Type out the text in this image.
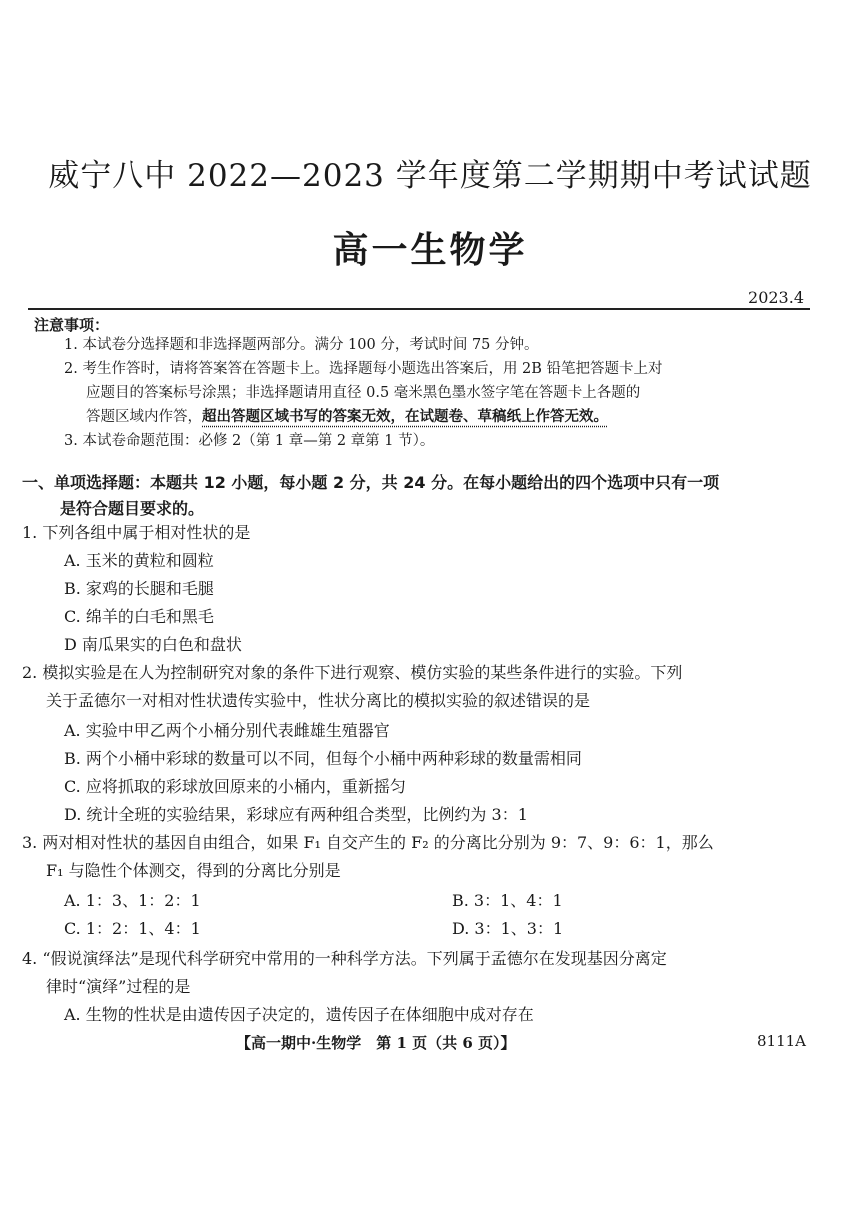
威宁八中 2022—2023 学年度第二学期期中考试试题
高一生物学
2023.4
注意事项：
1. 本试卷分选择题和非选择题两部分。满分 100 分，考试时间 75 分钟。
2. 考生作答时，请将答案答在答题卡上。选择题每小题选出答案后，用 2B 铅笔把答题卡上对
应题目的答案标号涂黑；非选择题请用直径 0.5 毫米黑色墨水签字笔在答题卡上各题的
答题区域内作答，超出答题区域书写的答案无效，在试题卷、草稿纸上作答无效。
3. 本试卷命题范围：必修 2（第 1 章—第 2 章第 1 节）。
一、单项选择题：本题共 12 小题，每小题 2 分，共 24 分。在每小题给出的四个选项中只有一项
是符合题目要求的。
1. 下列各组中属于相对性状的是
A. 玉米的黄粒和圆粒
B. 家鸡的长腿和毛腿
C. 绵羊的白毛和黑毛
D 南瓜果实的白色和盘状
2. 模拟实验是在人为控制研究对象的条件下进行观察、模仿实验的某些条件进行的实验。下列
关于孟德尔一对相对性状遗传实验中，性状分离比的模拟实验的叙述错误的是
A. 实验中甲乙两个小桶分别代表雌雄生殖器官
B. 两个小桶中彩球的数量可以不同，但每个小桶中两种彩球的数量需相同
C. 应将抓取的彩球放回原来的小桶内，重新摇匀
D. 统计全班的实验结果，彩球应有两种组合类型，比例约为 3：1
3. 两对相对性状的基因自由组合，如果 F₁ 自交产生的 F₂ 的分离比分别为 9：7、9：6：1，那么
F₁ 与隐性个体测交，得到的分离比分别是
A. 1：3、1：2：1	B. 3：1、4：1
C. 1：2：1、4：1	D. 3：1、3：1
4. “假说演绎法”是现代科学研究中常用的一种科学方法。下列属于孟德尔在发现基因分离定
律时“演绎”过程的是
A. 生物的性状是由遗传因子决定的，遗传因子在体细胞中成对存在
【高一期中·生物学　第 1 页（共 6 页）】	8111A
